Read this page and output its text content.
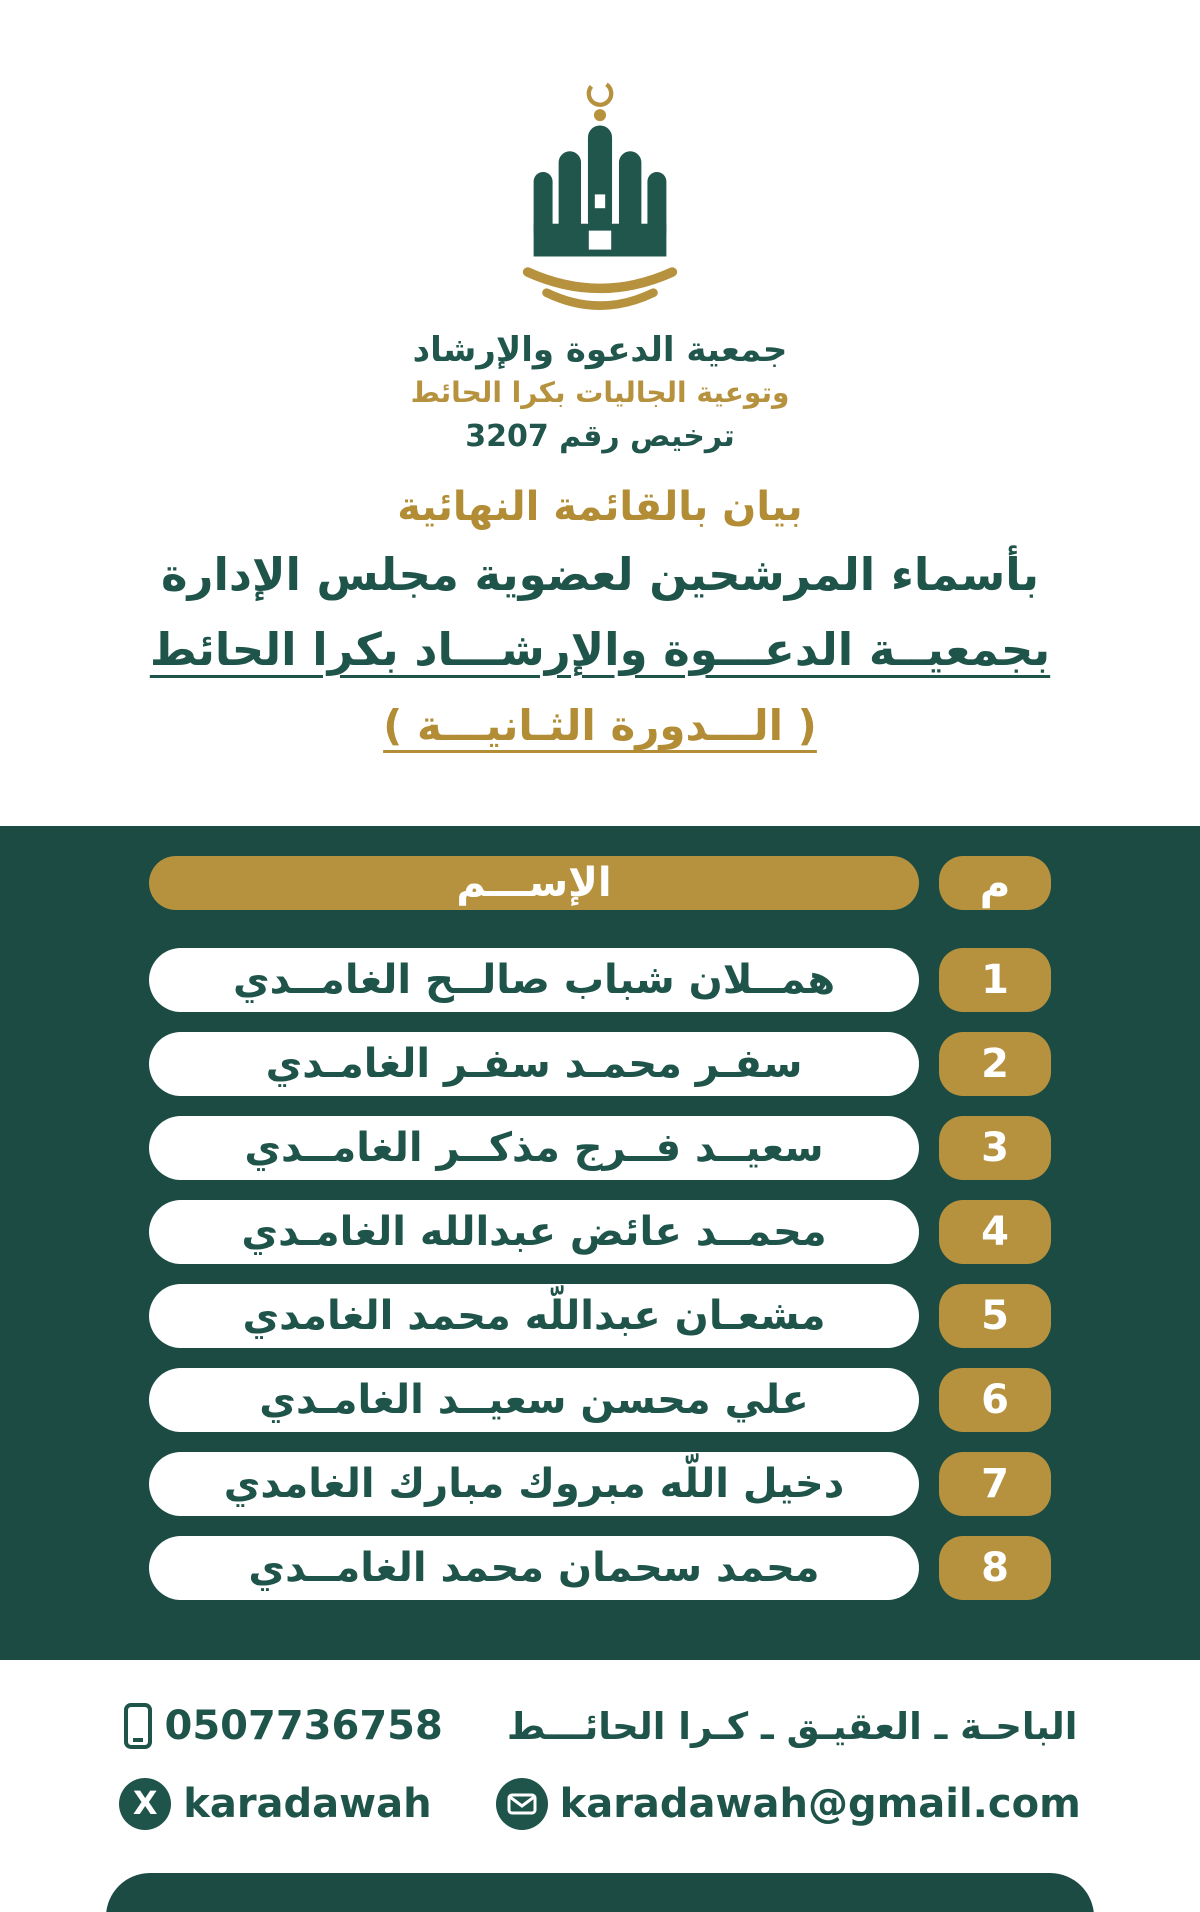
جمعية الدعوة والإرشاد
وتوعية الجاليات بكرا الحائط
ترخيص رقم 3207
بيان بالقائمة النهائية
بأسماء المرشحين لعضوية مجلس الإدارة
بجمعيــة الدعـــوة والإرشـــاد بكرا الحائط
( الـــدورة الثـانيـــة )
م
الإســـم
1
همــلان شباب صالــح الغامــدي
2
سفـر محمـد سفـر الغامـدي
3
سعيــد فــرج مذكــر الغامــدي
4
محمــد عائض عبدالله الغامـدي
5
مشعـان عبداللّه محمد الغامدي
6
علي محسن سعيــد الغامـدي
7
دخيل اللّه مبروك مبارك الغامدي
8
محمد سحمان محمد الغامــدي
0507736758 الباحـة ـ العقيـق ـ كـرا الحائـــط
X karadawah	karadawah@gmail.com
